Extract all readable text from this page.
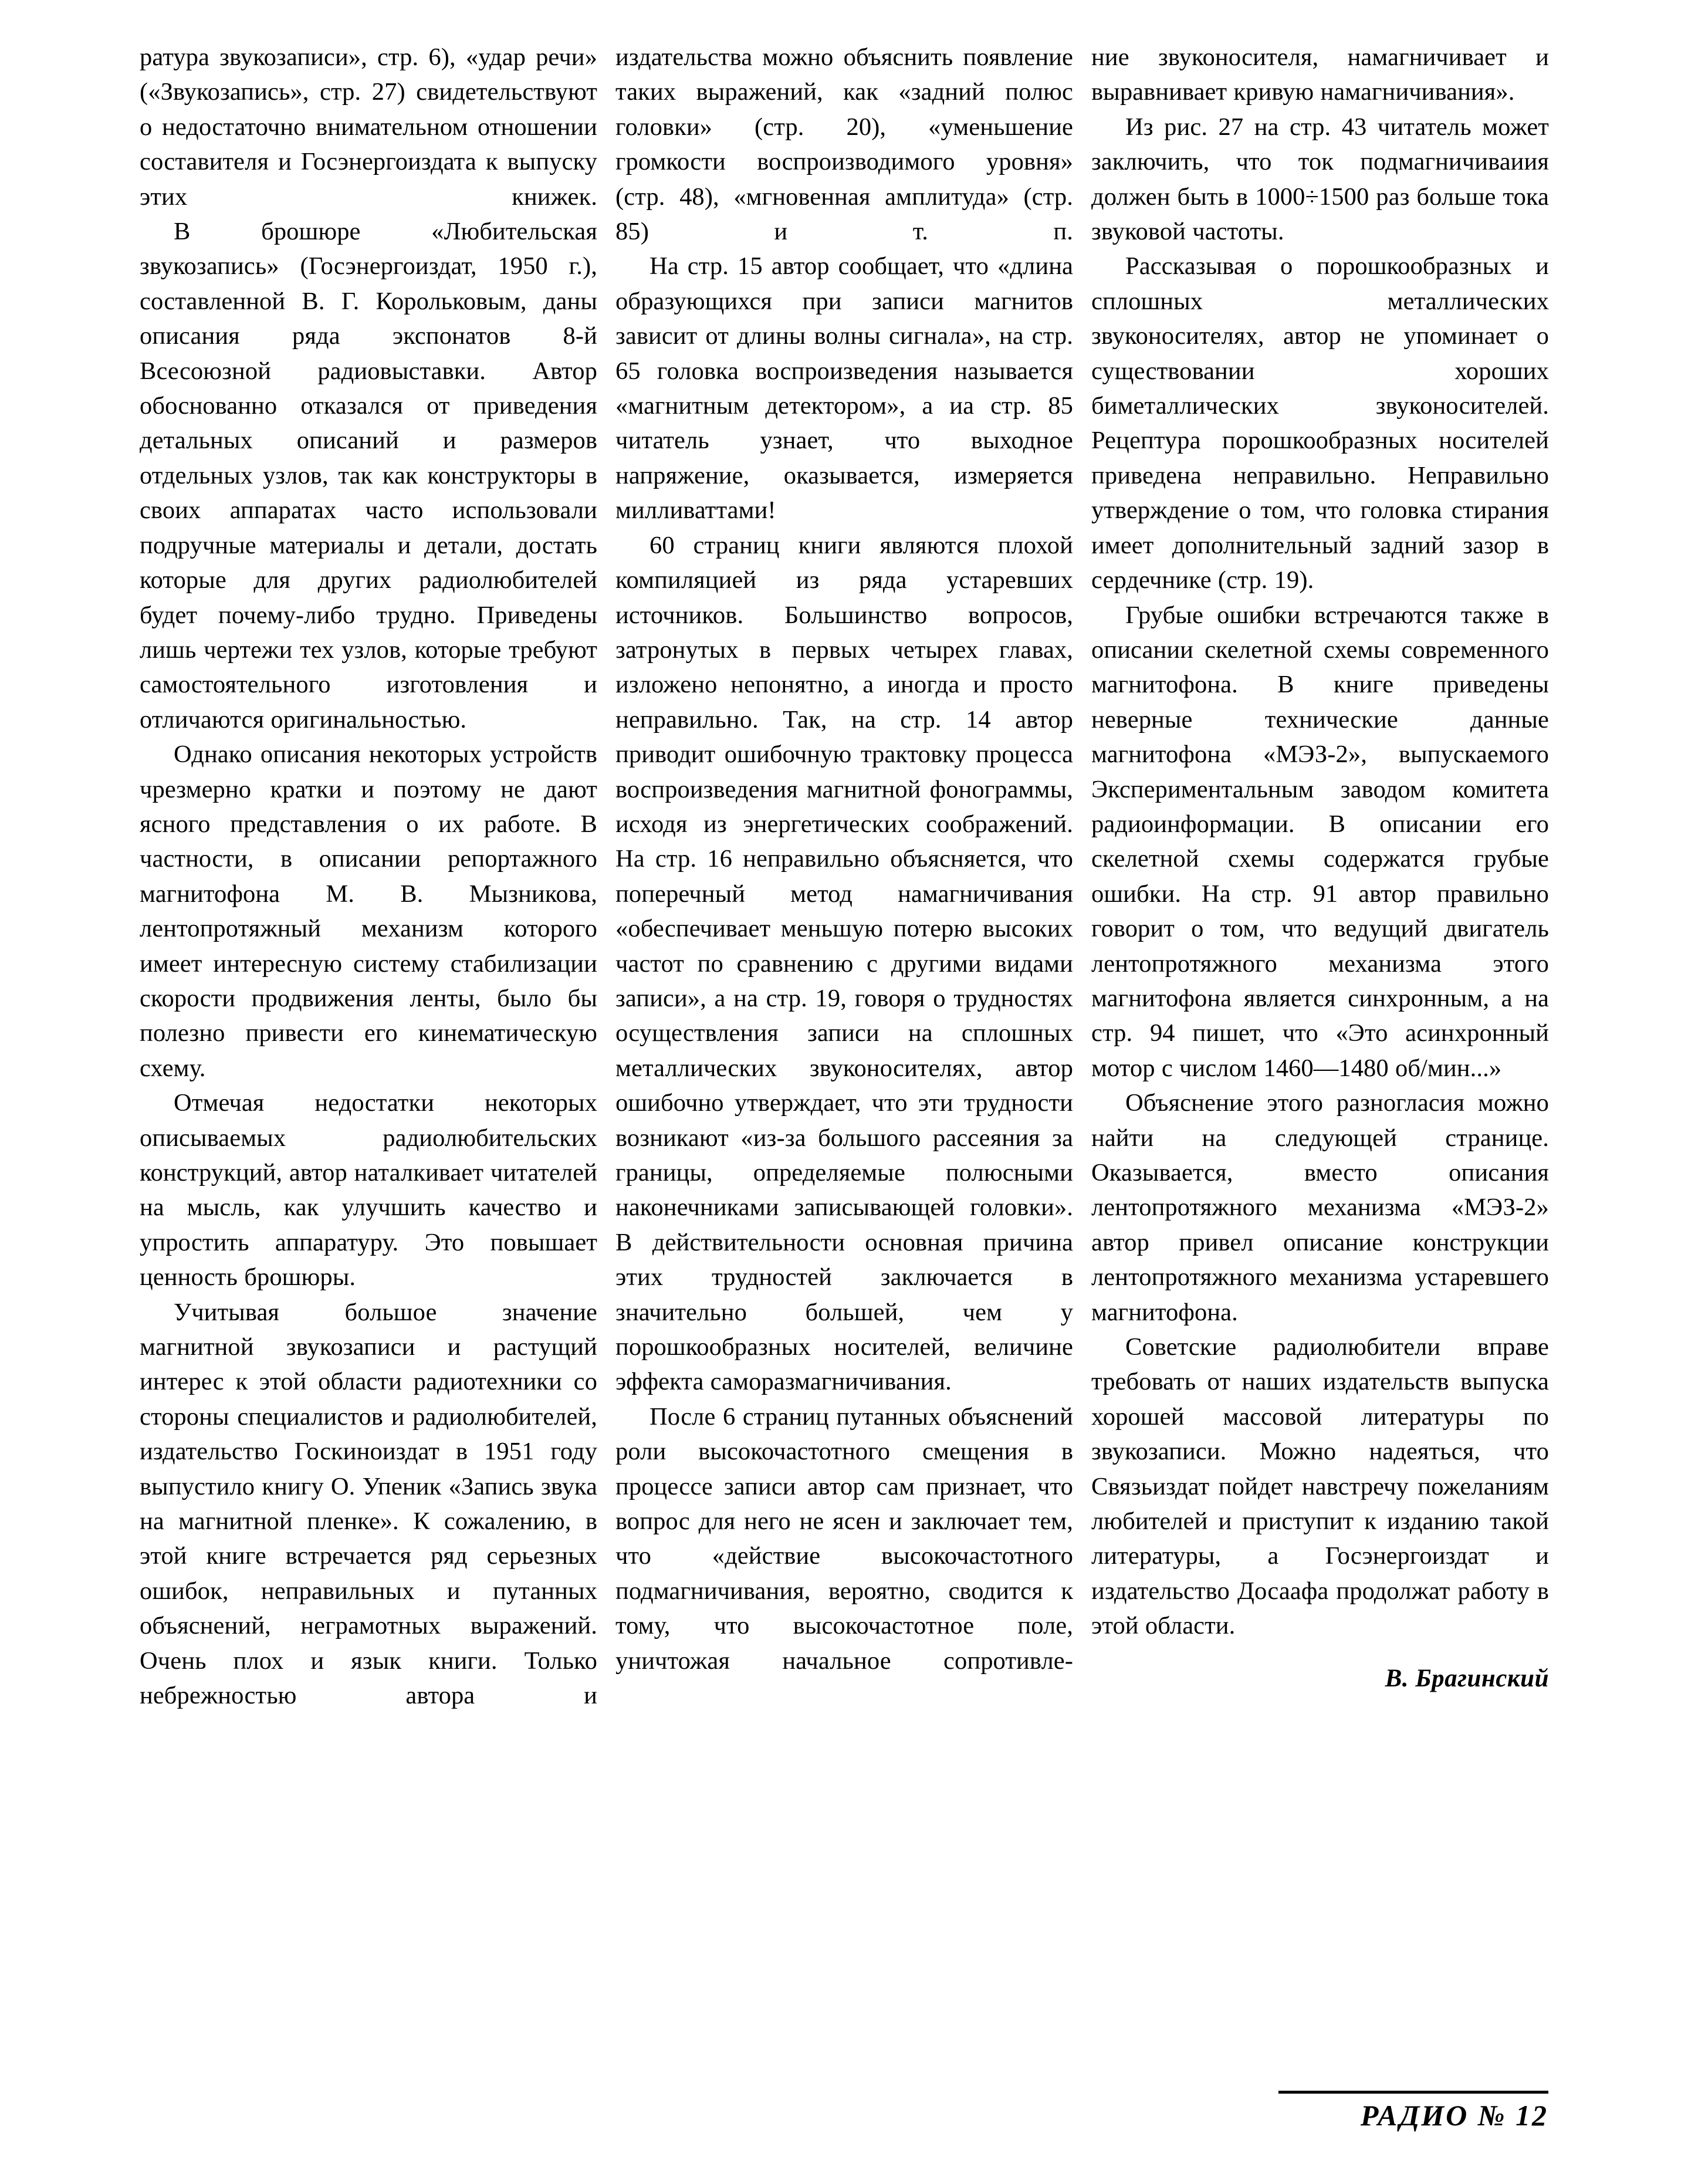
ратура звукозаписи», стр. 6), «удар речи» («Звукозапись», стр. 27) свидетельствуют о недостаточно внимательном отношении составителя и Госэнергоиздата к выпуску этих книжек.

В брошюре «Любительская звукозапись» (Госэнергоиздат, 1950 г.), составленной В. Г. Корольковым, даны описания ряда экспонатов 8-й Всесоюзной радиовыставки. Автор обоснованно отказался от приведения детальных описаний и размеров отдельных узлов, так как конструкторы в своих аппаратах часто использовали подручные материалы и детали, достать которые для других радиолюбителей будет почему-либо трудно. Приведены лишь чертежи тех узлов, которые требуют самостоятельного изготовления и отличаются оригинальностью.

Однако описания некоторых устройств чрезмерно кратки и поэтому не дают ясного представления о их работе. В частности, в описании репортажного магнитофона М. В. Мызникова, лентопротяжный механизм которого имеет интересную систему стабилизации скорости продвижения ленты, было бы полезно привести его кинематическую схему.

Отмечая недостатки некоторых описываемых радиолюбительских конструкций, автор наталкивает читателей на мысль, как улучшить качество и упростить аппаратуру. Это повышает ценность брошюры.

Учитывая большое значение магнитной звукозаписи и растущий интерес к этой области радиотехники со стороны специалистов и радиолюбителей, издательство Госкиноиздат в 1951 году выпустило книгу О. Упеник «Запись звука на магнитной пленке». К сожалению, в этой книге встречается ряд серьезных ошибок, неправильных и путанных объяснений, неграмотных выражений. Очень плох и язык книги. Только небрежностью автора и

издательства можно объяснить появление таких выражений, как «задний полюс головки» (стр. 20), «уменьшение громкости воспроизводимого уровня» (стр. 48), «мгновенная амплитуда» (стр. 85) и т. п.

На стр. 15 автор сообщает, что «длина образующихся при записи магнитов зависит от длины волны сигнала», на стр. 65 головка воспроизведения называется «магнитным детектором», а иа стр. 85 читатель узнает, что выходное напряжение, оказывается, измеряется милливаттами!

60 страниц книги являются плохой компиляцией из ряда устаревших источников. Большинство вопросов, затронутых в первых четырех главах, изложено непонятно, а иногда и просто неправильно. Так, на стр. 14 автор приводит ошибочную трактовку процесса воспроизведения магнитной фонограммы, исходя из энергетических соображений. На стр. 16 неправильно объясняется, что поперечный метод намагничивания «обеспечивает меньшую потерю высоких частот по сравнению с другими видами записи», а на стр. 19, говоря о трудностях осуществления записи на сплошных металлических звуконосителях, автор ошибочно утверждает, что эти трудности возникают «из-за большого рассеяния за границы, определяемые полюсными наконечниками записывающей головки». В действительности основная причина этих трудностей заключается в значительно большей, чем у порошкообразных носителей, величине эффекта саморазмагничивания.

После 6 страниц путанных объяснений роли высокочастотного смещения в процессе записи автор сам признает, что вопрос для него не ясен и заключает тем, что «действие высокочастотного подмагничивания, вероятно, сводится к тому, что высокочастотное поле, уничтожая начальное сопротивле-

ние звуконосителя, намагничивает и выравнивает кривую намагничивания».

Из рис. 27 на стр. 43 читатель может заключить, что ток подмагничиваиия должен быть в 1000÷1500 раз больше тока звуковой частоты.

Рассказывая о порошкообразных и сплошных металлических звуконосителях, автор не упоминает о существовании хороших биметаллических звуконосителей. Рецептура порошкообразных носителей приведена неправильно. Неправильно утверждение о том, что головка стирания имеет дополнительный задний зазор в сердечнике (стр. 19).

Грубые ошибки встречаются также в описании скелетной схемы современного магнитофона. В книге приведены неверные технические данные магнитофона «МЭЗ-2», выпускаемого Экспериментальным заводом комитета радиоинформации. В описании его скелетной схемы содержатся грубые ошибки. На стр. 91 автор правильно говорит о том, что ведущий двигатель лентопротяжного механизма этого магнитофона является синхронным, а на стр. 94 пишет, что «Это асинхронный мотор с числом 1460—1480 об/мин...»

Объяснение этого разногласия можно найти на следующей странице. Оказывается, вместо описания лентопротяжного механизма «МЭЗ-2» автор привел описание конструкции лентопротяжного механизма устаревшего магнитофона.

Советские радиолюбители вправе требовать от наших издательств выпуска хорошей массовой литературы по звукозаписи. Можно надеяться, что Связьиздат пойдет навстречу пожеланиям любителей и приступит к изданию такой литературы, а Госэнергоиздат и издательство Досаафа продолжат работу в этой области.

В. Брагинский

РАДИО № 12
